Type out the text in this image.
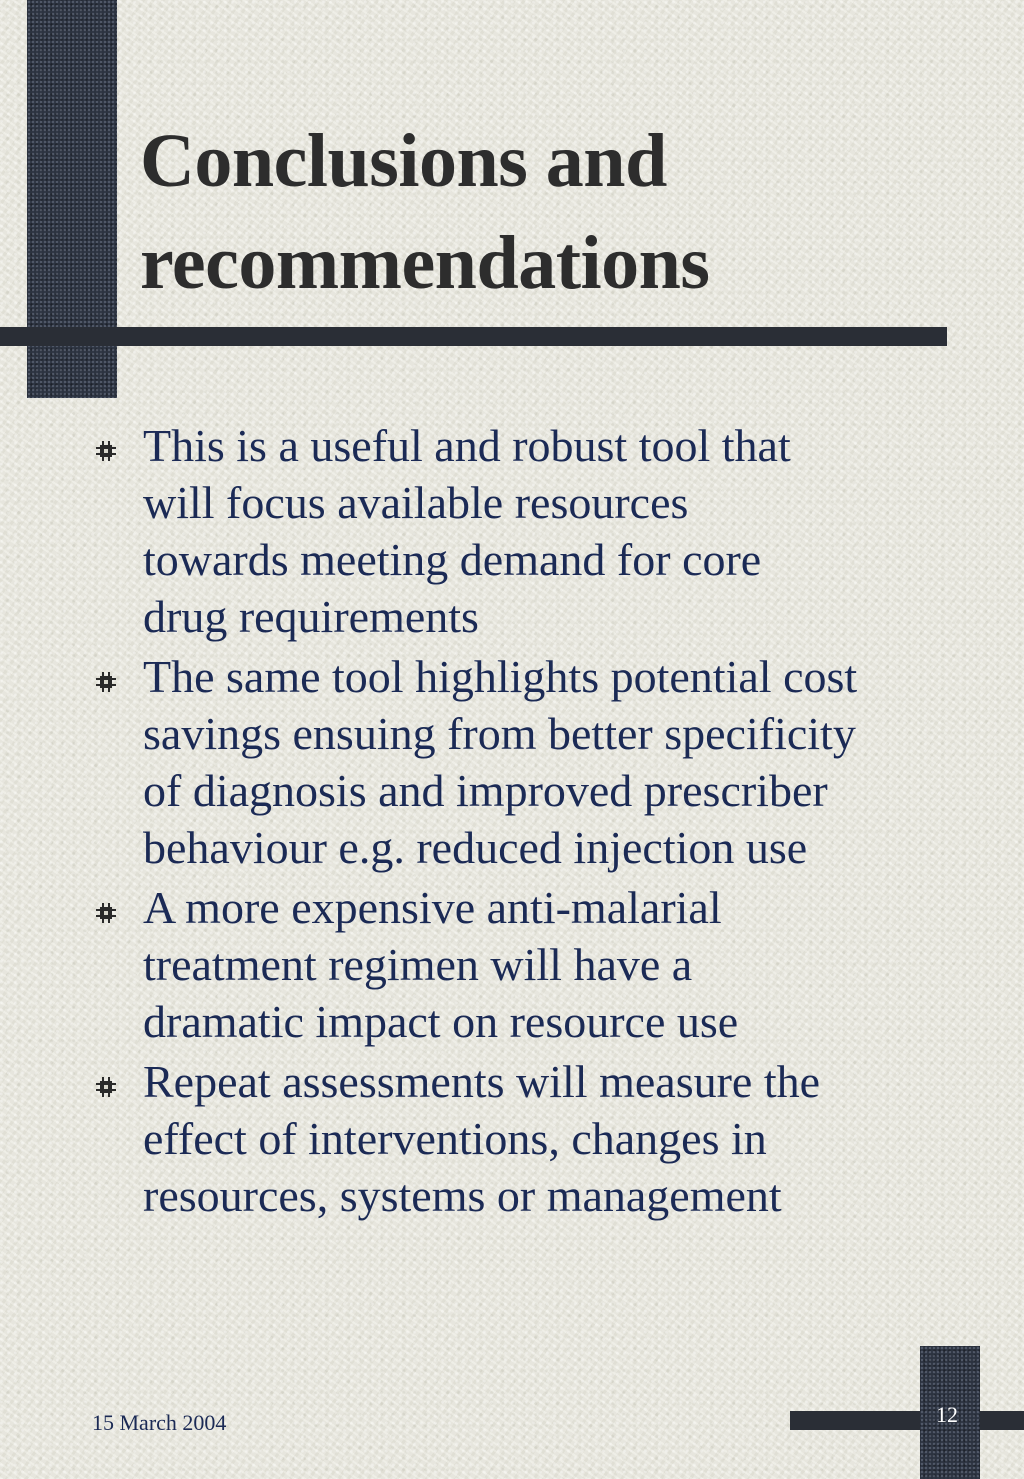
Conclusions and
recommendations
This is a useful and robust tool that
will focus available resources
towards meeting demand for core
drug requirements
The same tool highlights potential cost
savings ensuing from better specificity
of diagnosis and improved prescriber
behaviour e.g. reduced injection use
A more expensive anti-malarial
treatment regimen will have a
dramatic impact on resource use
Repeat assessments will measure the
effect of interventions, changes in
resources, systems or management
15 March 2004	12
